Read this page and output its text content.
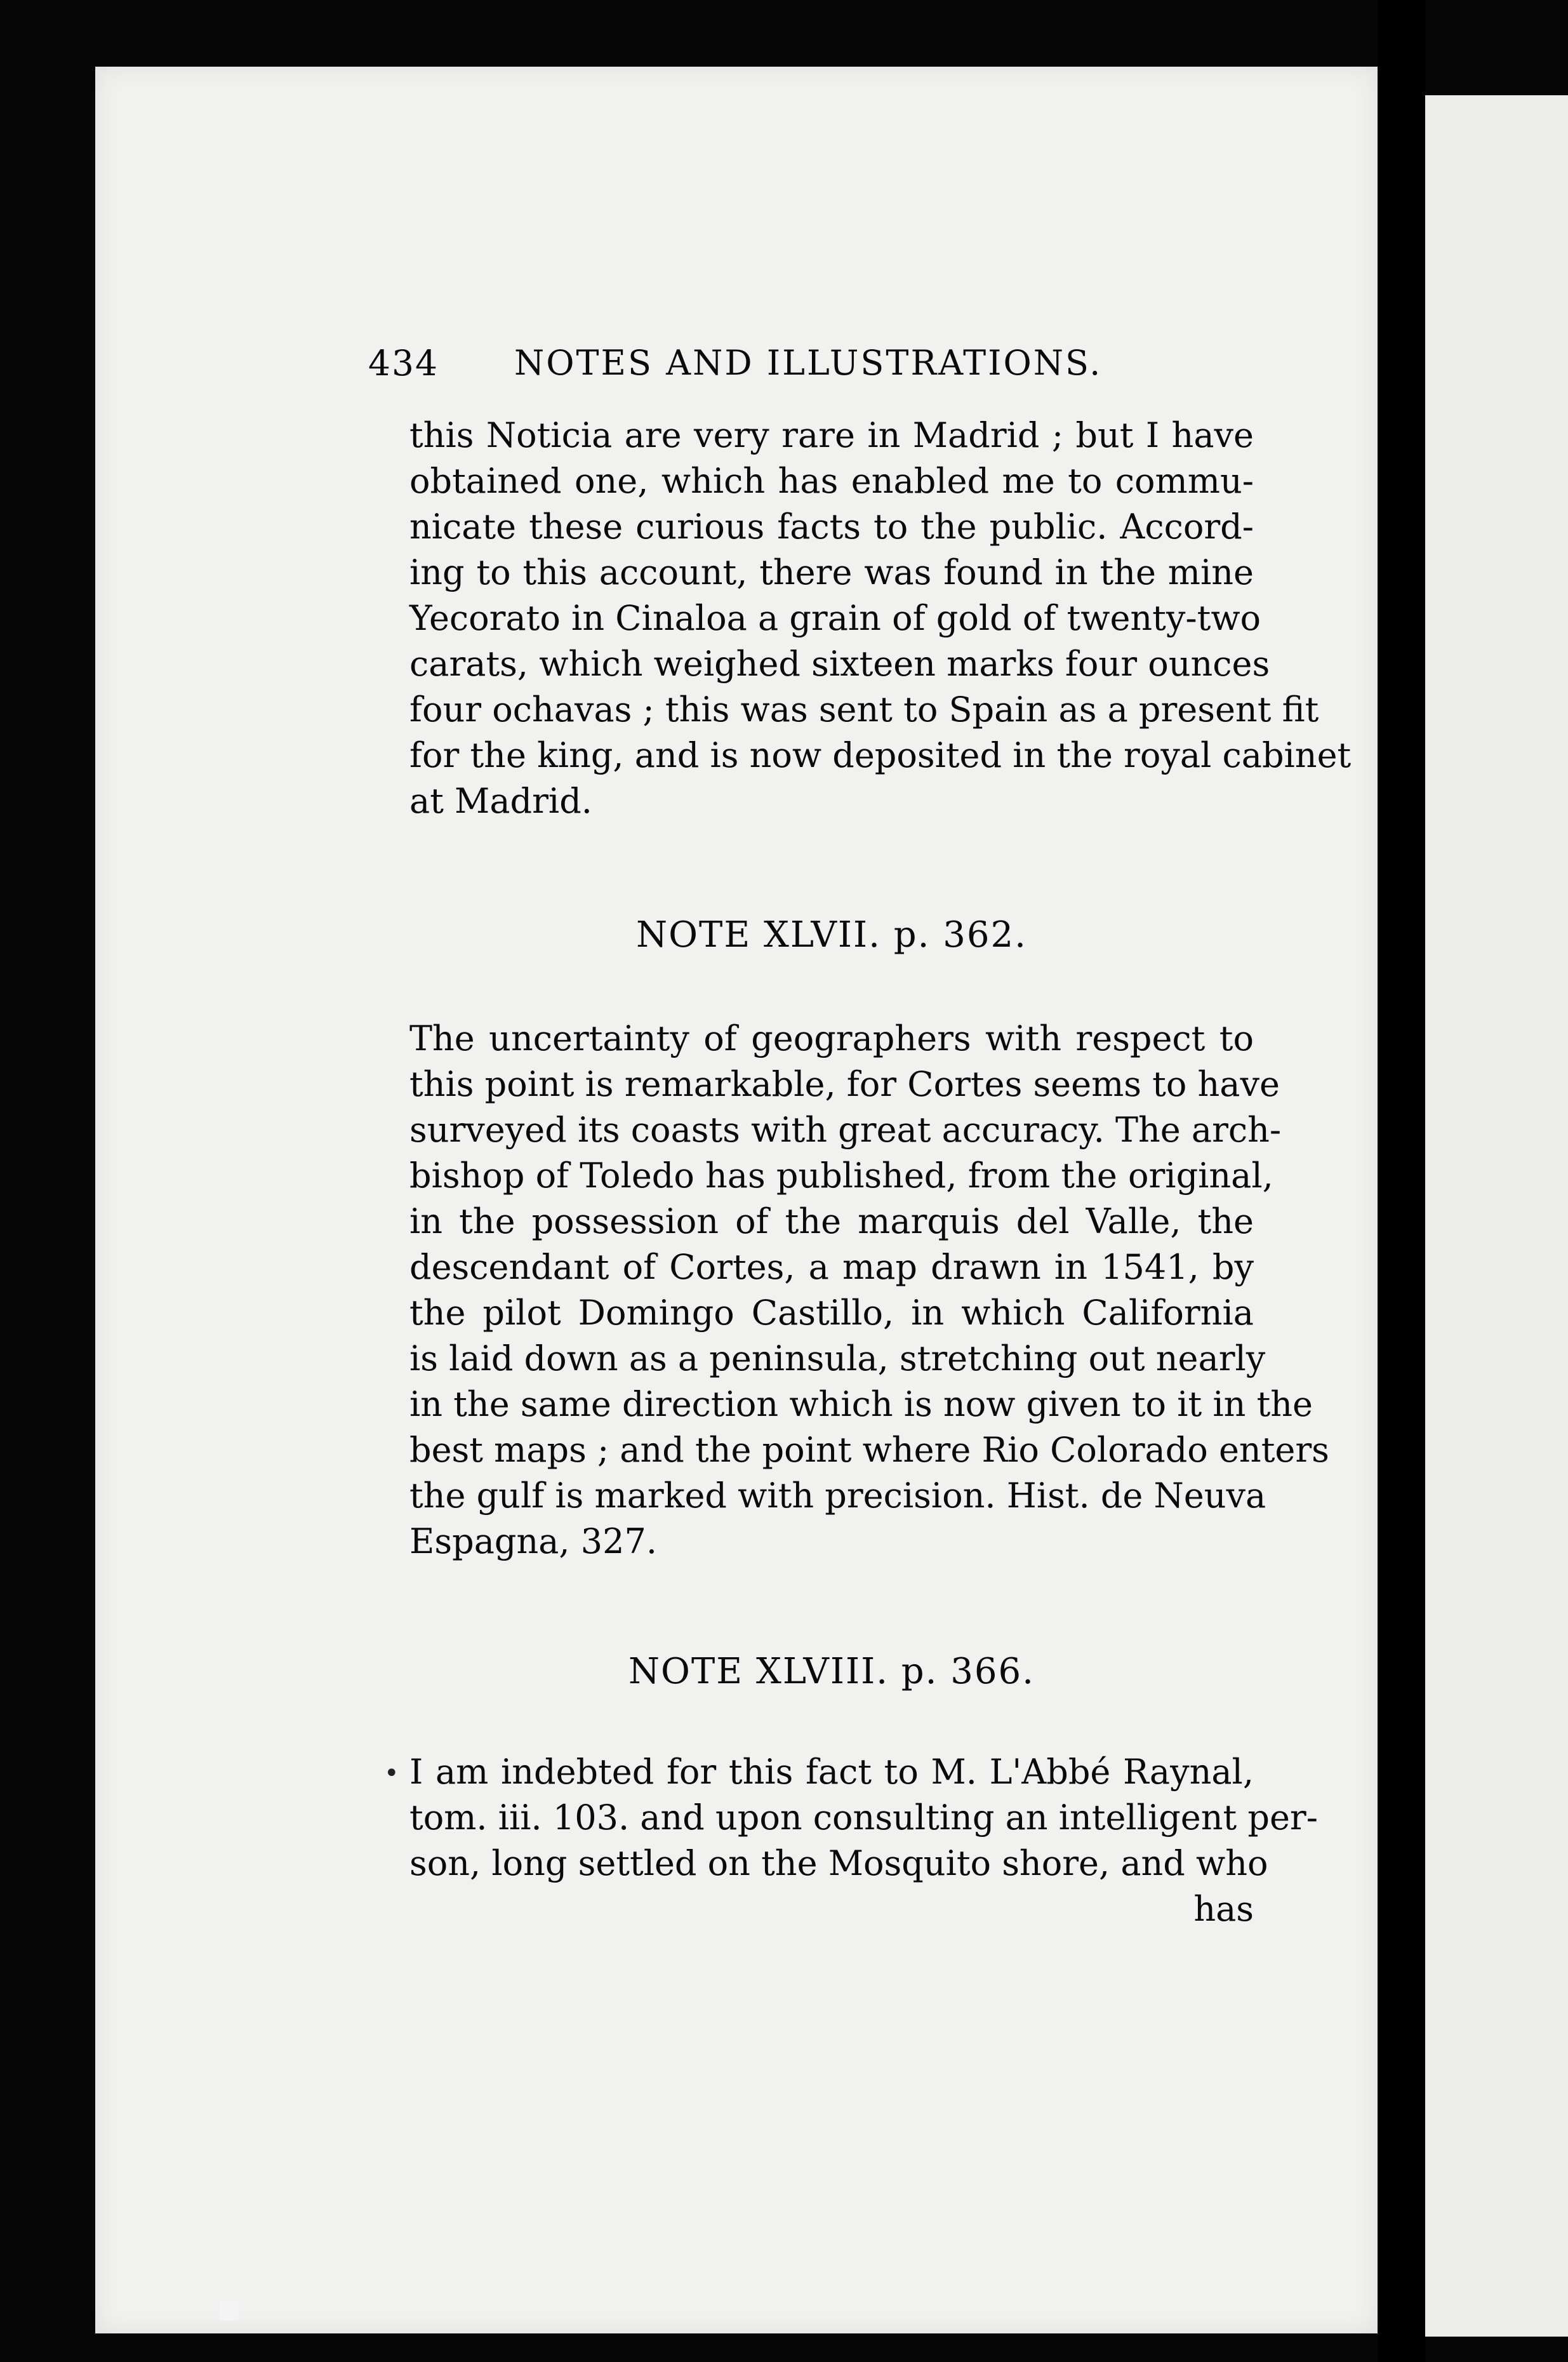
434 NOTES AND ILLUSTRATIONS.
this Noticia are very rare in Madrid ; but I have
obtained one, which has enabled me to commu-
nicate these curious facts to the public. Accord-
ing to this account, there was found in the mine
Yecorato in Cinaloa a grain of gold of twenty-two
carats, which weighed sixteen marks four ounces
four ochavas ; this was sent to Spain as a present fit
for the king, and is now deposited in the royal cabinet
at Madrid.
NOTE XLVII. p. 362.
The uncertainty of geographers with respect to
this point is remarkable, for Cortes seems to have
surveyed its coasts with great accuracy. The arch-
bishop of Toledo has published, from the original,
in the possession of the marquis del Valle, the
descendant of Cortes, a map drawn in 1541, by
the pilot Domingo Castillo, in which California
is laid down as a peninsula, stretching out nearly
in the same direction which is now given to it in the
best maps ; and the point where Rio Colorado enters
the gulf is marked with precision. Hist. de Neuva
Espagna, 327.
NOTE XLVIII. p. 366.
I am indebted for this fact to M. L'Abbé Raynal,
tom. iii. 103. and upon consulting an intelligent per-
son, long settled on the Mosquito shore, and who
has
•
▪
